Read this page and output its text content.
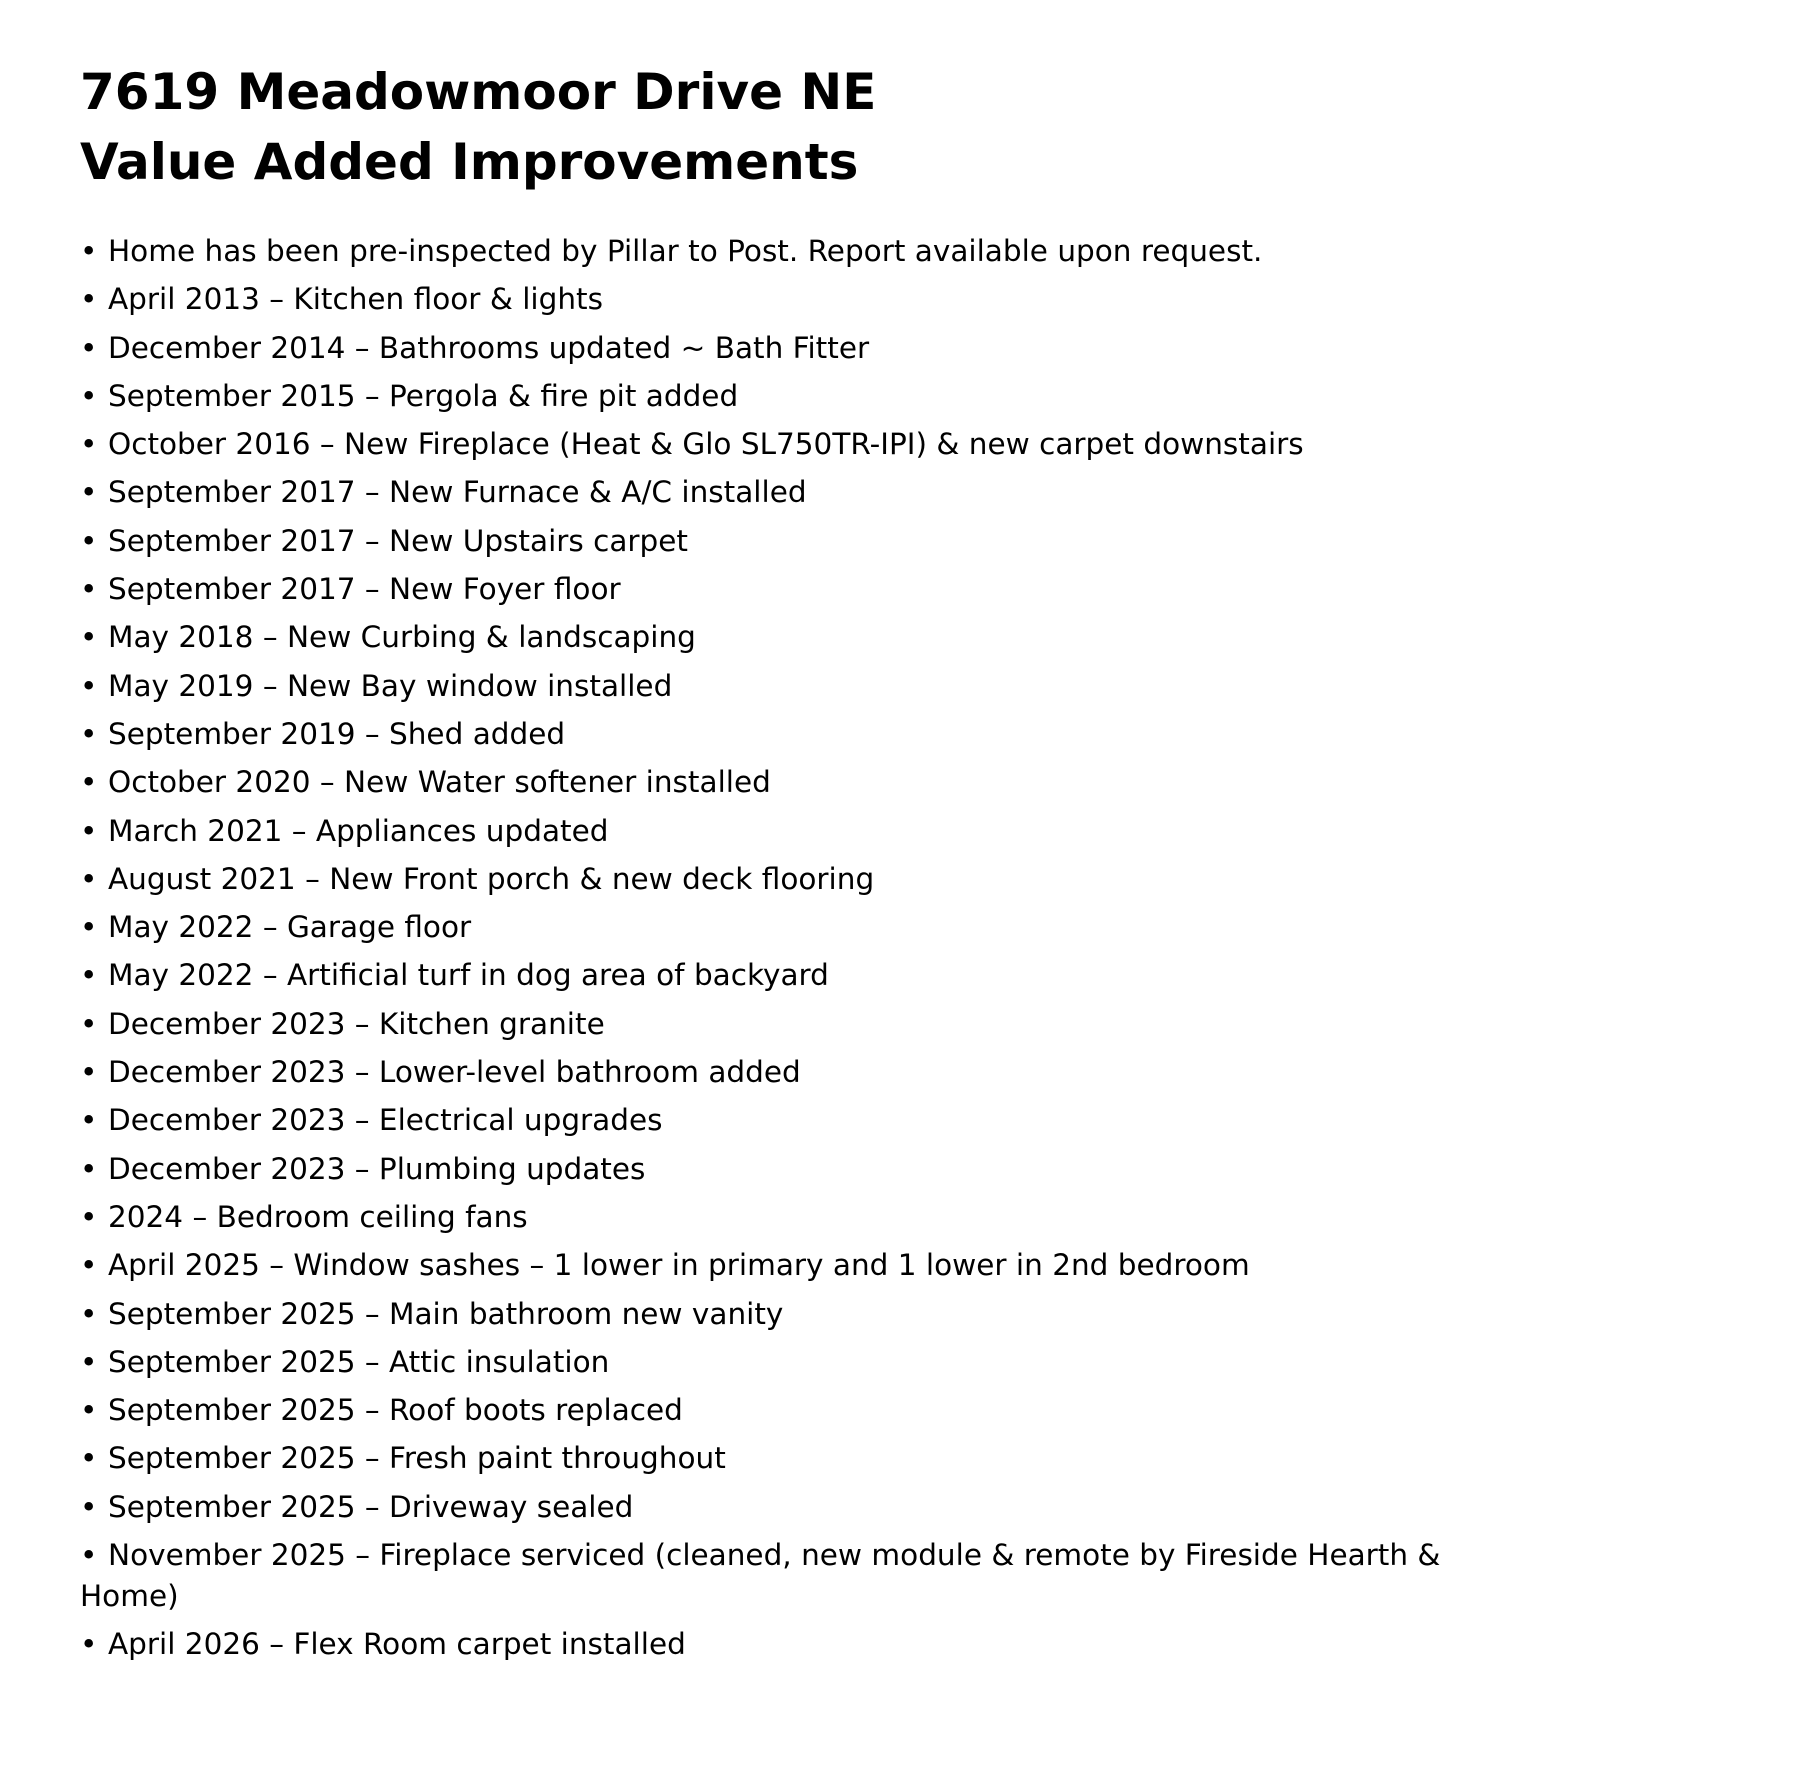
7619 Meadowmoor Drive NE
Value Added Improvements
• Home has been pre-inspected by Pillar to Post. Report available upon request.
• April 2013 – Kitchen floor & lights
• December 2014 – Bathrooms updated ~ Bath Fitter
• September 2015 – Pergola & fire pit added
• October 2016 – New Fireplace (Heat & Glo SL750TR-IPI) & new carpet downstairs
• September 2017 – New Furnace & A/C installed
• September 2017 – New Upstairs carpet
• September 2017 – New Foyer floor
• May 2018 – New Curbing & landscaping
• May 2019 – New Bay window installed
• September 2019 – Shed added
• October 2020 – New Water softener installed
• March 2021 – Appliances updated
• August 2021 – New Front porch & new deck flooring
• May 2022 – Garage floor
• May 2022 – Artificial turf in dog area of backyard
• December 2023 – Kitchen granite
• December 2023 – Lower-level bathroom added
• December 2023 – Electrical upgrades
• December 2023 – Plumbing updates
• 2024 – Bedroom ceiling fans
• April 2025 – Window sashes – 1 lower in primary and 1 lower in 2nd bedroom
• September 2025 – Main bathroom new vanity
• September 2025 – Attic insulation
• September 2025 – Roof boots replaced
• September 2025 – Fresh paint throughout
• September 2025 – Driveway sealed
• November 2025 – Fireplace serviced (cleaned, new module & remote by Fireside Hearth & Home)
• April 2026 – Flex Room carpet installed
